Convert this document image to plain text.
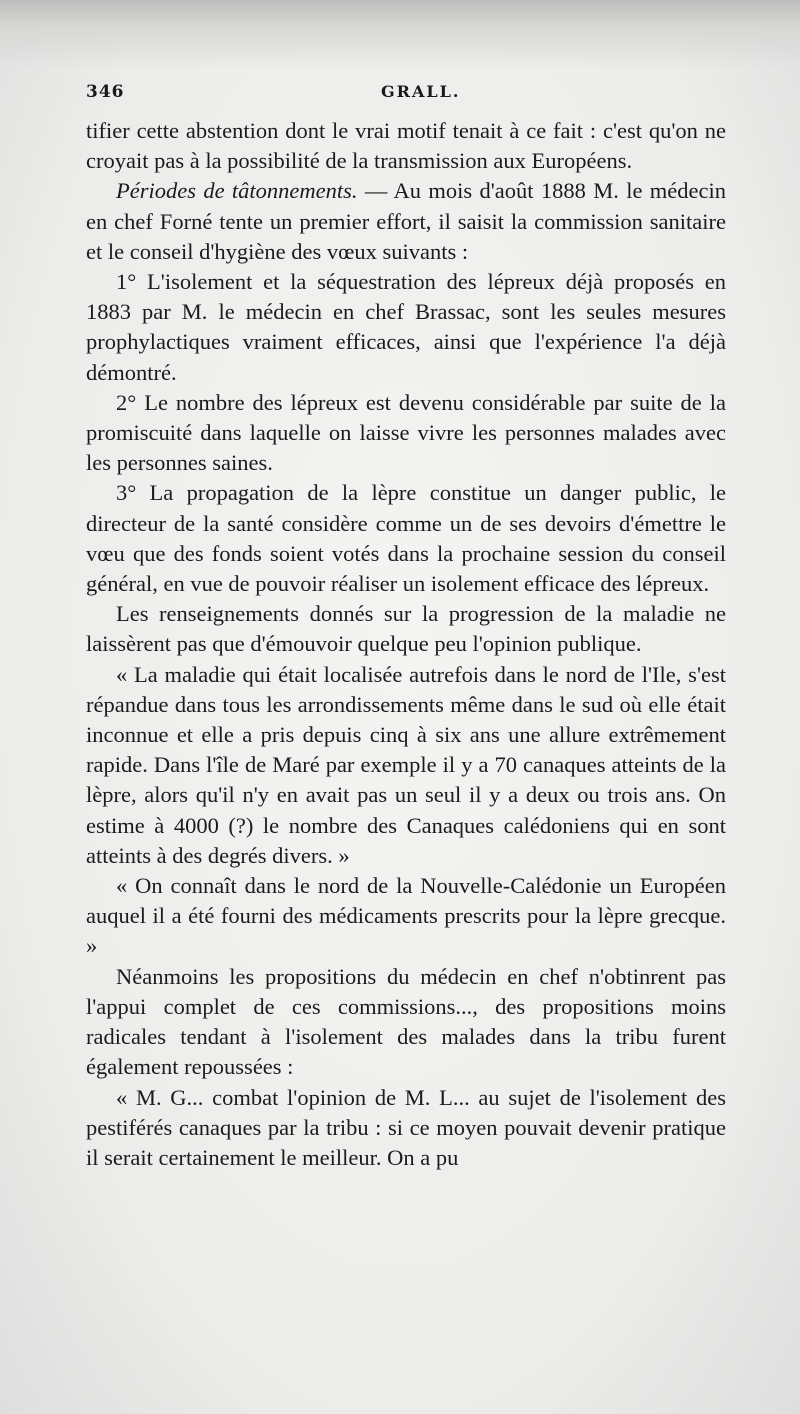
346	GRALL.

tifier cette abstention dont le vrai motif tenait à ce fait : c'est qu'on ne croyait pas à la possibilité de la transmission aux Européens.

Périodes de tâtonnements. — Au mois d'août 1888 M. le médecin en chef Forné tente un premier effort, il saisit la commission sanitaire et le conseil d'hygiène des vœux suivants :

1° L'isolement et la séquestration des lépreux déjà proposés en 1883 par M. le médecin en chef Brassac, sont les seules mesures prophylactiques vraiment efficaces, ainsi que l'expérience l'a déjà démontré.

2° Le nombre des lépreux est devenu considérable par suite de la promiscuité dans laquelle on laisse vivre les personnes malades avec les personnes saines.

3° La propagation de la lèpre constitue un danger public, le directeur de la santé considère comme un de ses devoirs d'émettre le vœu que des fonds soient votés dans la prochaine session du conseil général, en vue de pouvoir réaliser un isolement efficace des lépreux.

Les renseignements donnés sur la progression de la maladie ne laissèrent pas que d'émouvoir quelque peu l'opinion publique.

« La maladie qui était localisée autrefois dans le nord de l'Ile, s'est répandue dans tous les arrondissements même dans le sud où elle était inconnue et elle a pris depuis cinq à six ans une allure extrêmement rapide. Dans l'île de Maré par exemple il y a 70 canaques atteints de la lèpre, alors qu'il n'y en avait pas un seul il y a deux ou trois ans. On estime à 4000 (?) le nombre des Canaques calédoniens qui en sont atteints à des degrés divers. »

« On connaît dans le nord de la Nouvelle-Calédonie un Européen auquel il a été fourni des médicaments prescrits pour la lèpre grecque. »

Néanmoins les propositions du médecin en chef n'obtinrent pas l'appui complet de ces commissions..., des propositions moins radicales tendant à l'isolement des malades dans la tribu furent également repoussées :

« M. G... combat l'opinion de M. L... au sujet de l'isolement des pestiférés canaques par la tribu : si ce moyen pouvait devenir pratique il serait certainement le meilleur. On a pu
